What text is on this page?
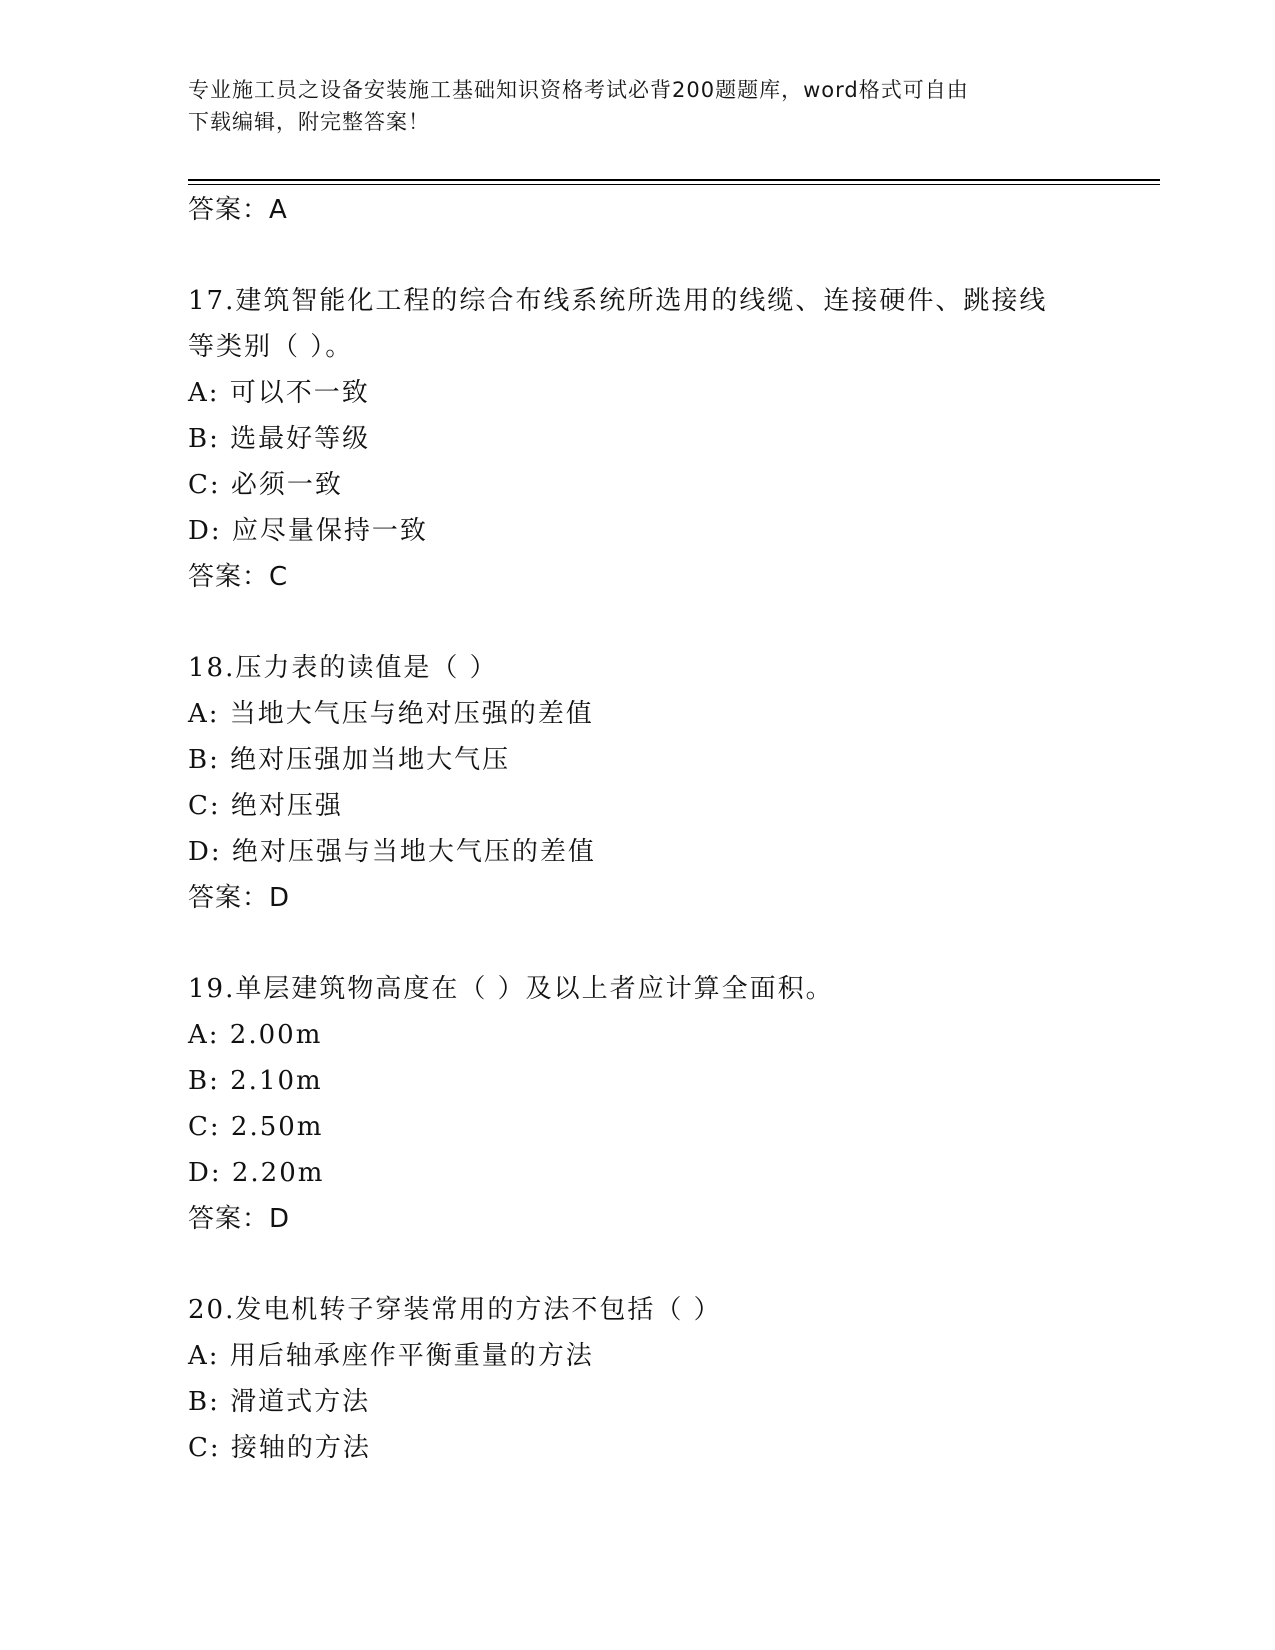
专业施工员之设备安装施工基础知识资格考试必背200题题库，word格式可自由
下载编辑，附完整答案！
答案：A
17.建筑智能化工程的综合布线系统所选用的线缆、连接硬件、跳接线
等类别（ ）。
A: 可以不一致
B: 选最好等级
C: 必须一致
D: 应尽量保持一致
答案：C
18.压力表的读值是（ ）
A: 当地大气压与绝对压强的差值
B: 绝对压强加当地大气压
C: 绝对压强
D: 绝对压强与当地大气压的差值
答案：D
19.单层建筑物高度在（ ）及以上者应计算全面积。
A: 2.00m
B: 2.10m
C: 2.50m
D: 2.20m
答案：D
20.发电机转子穿装常用的方法不包括（ ）
A: 用后轴承座作平衡重量的方法
B: 滑道式方法
C: 接轴的方法
